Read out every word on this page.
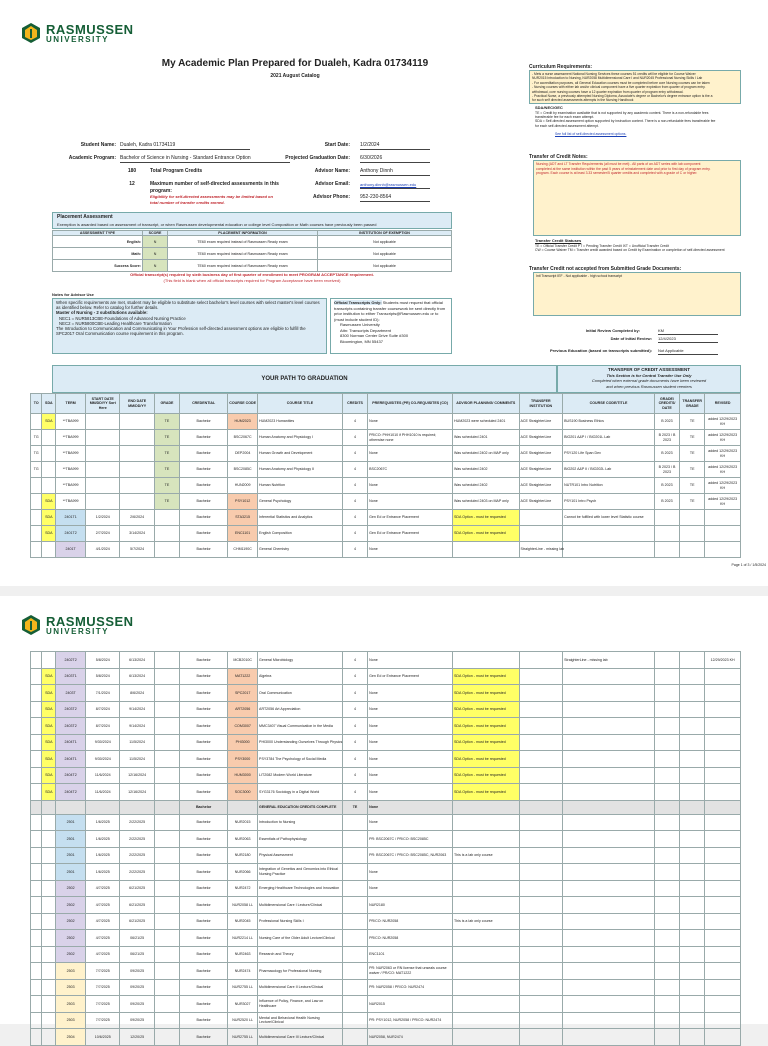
RASMUSSEN
UNIVERSITY
My Academic Plan Prepared for Dualeh, Kadra 01734119
2021 August Catalog
Student Name: Dualeh, Kadra 01734119
Academic Program: Bachelor of Science in Nursing - Standard Entrance Option
180	Total Program Credits
12	Maximum number of self-directed assessments in this program:
Eligibility for self-directed assessments may be limited based on total number of transfer credits earned.
Start Date: 1/2/2024
Projected Graduation Date: 6/30/2026
Advisor Name: Anthony Dinnh
Advisor Email:	anthony.dinnh@rasmussen.edu
Advisor Phone: 952-230-8564
Placement Assessment
Exemption is awarded based on assessment of transcript, or when Rasmussen developmental education or college level Composition or Math courses have previously been passed
ASSESSMENT TYPE	SCORE	PLACEMENT INFORMATION	INSTITUTION OF EXEMPTION
English:	N	TE60 exam required instead of Rasmussen Ready exam	Not applicable
Math:	N	TE60 exam required instead of Rasmussen Ready exam	Not applicable
Success Score:	N	TE60 exam required instead of Rasmussen Ready exam	Not applicable
Official transcript(s) required by sixth business day of first quarter of enrollment to meet PROGRAM ACCEPTANCE requirement.
(This field is blank when all official transcripts required for Program Acceptance have been received)
Notes for Advisor Use
When specific requirements are met, student may be eligible to substitute select bachelor's level courses with select master's level courses as identified below. Refer to catalog for further details.
Master of Nursing - 2 substitutions available:
NEC1 = NUR5813CBE-Foundations of Advanced Nursing Practice
NEC2 = NUR5800CBE-Leading Healthcare Transformation
The Introduction to Communication and Communicating in Your Profession self-directed assessment options are eligible to fulfill the SPC2017 Oral Communication course requirement in this program.
Official Transcripts Only: Students must request that official transcripts containing transfer coursework be sent directly from prior institution to either Transcripts@Rasmussen.edu or to (must include student ID):
Rasmussen University
Attn: Transcripts Department
8300 Norman Center Drive Suite #300
Bloomington, MN 55437
Curriculum Requirements:
- Mets a nurse assessment National Nursing Services these courses 51 credits will be eligible for Course Waiver
NUR2015 Introduction to Nursing, NUR2058 Multidimensional Care I and NUR2045 Professional Nursing Skills I Lab
- For accreditation purposes, all General Education courses must be completed before core Nursing courses can be taken
- Nursing courses with either lab and/or clinical component have a five quarter expiration from quarter of program entry.
withdrawal, core nursing courses have a 12 quarter expiration from quarter of program entry withdrawal.
- Practical Nurse, a previously attempted Nursing Diploma, Associate's degree or Bachelor's degree entrance option is the a
for such self directed assessments attempts in the Nursing Handbook
SDA/NEC/GEC
TE = Credit by examination available that is not supported by any academic content. There is a non-refundable fees
transferable fee for each exam attempt.
SDA = Self-directed assessment option supported by instruction content. There is a non-refundable fees transferable fee
for each self-directed assessment attempt.
See full list of self-directed assessment options.
Transfer of Credit Notes:
Nursing (ADT and LT Transfer Requirements (all must be met):- All parts of an ADT series with lab component
completed at the same institution within the past 5 years of reinstatement date and prior to first day of program entry.
program. Each course is at least 3.33 semester/5 quarter credits and completed with a grade of C or higher.
Transfer Credit Statuses
TE = Official Transfer Credit PT = Pending Transfer Credit IXT = Unofficial Transfer Credit
CW = Course Waiver TM = Transfer credit awarded based on Credit by Examination or completion of self-directed assessment
Transfer Credit not accepted from Submitted Grade Documents:
Intl Transcript IEF - Not applicable - high school transcript
Initial Review Completed by:	KM
Date of Initial Review: 12/4/2023
Previous Education (based on transcripts submitted): Not Applicable
YOUR PATH TO GRADUATION
TRANSFER OF CREDIT ASSESSMENT
This Section is for Central Transfer Use Only
Completed when external grade documents have been reviewed
and when previous Rasmussen student reenters
TO	SDA	TERM	START DATE MM/DD/YY Sort Here	END DATE MM/DD/YY	GRADE	CREDENTIAL	COURSE CODE	COURSE TITLE	CREDITS	PREREQUISITES (PR) CO-REQUISITES (CO)	ADVISOR PLANNING/ COMMENTS	TRANSFER INSTITUTION	COURSE CODE/TITLE	GRADE/ CREDITS/ DATE	TRANSFER GRADE	REVISED
	SDA	**TBA999			TE	Bachelor	HUM2023	HUM2023 Humanities	4	None	HUM2023 were scheduled 2401	ACE StraighterLine	BUS190 Business Ethics	B 2023	TE	added 12/29/2023 KH
TG		**TBA999			TE	Bachelor	BSC2067C	Human Anatomy and Physiology I	4	PR/CO: PHH1010 if PHH1010 is required; otherwise none	Was scheduled 2401	ACE StraighterLine	BIO201 A&P I / BIO201L Lab	B 2023 / B 2023	TE	added 12/29/2023 KH
TG		**TBA999			TE	Bachelor	DEP2004	Human Growth and Development	4	None	Was scheduled 2402 on MAP only	ACE StraighterLine	PSY120 Life Span Dev	B 2023	TE	added 12/29/2023 KH
TG		**TBA999			TE	Bachelor	BSC2085C	Human Anatomy and Physiology II	4	BSC2067C	Was scheduled 2402	ACE StraighterLine	BIO202 A&P II / BIO202L Lab	B 2023 / B 2023	TE	added 12/29/2023 KH
		**TBA999			TE	Bachelor	HUN2009	Human Nutrition	4	None	Was scheduled 2402	ACE StraighterLine	NUTR101 Intro Nutrition	B 2023	TE	added 12/29/2023 KH
	SDA	**TBA999			TE	Bachelor	PSY1012	General Psychology	4	None	Was scheduled 2403 on MAP only	ACE StraighterLine	PSY101 Intro Psych	B 2023	TE	added 12/29/2023 KH
	SDA	2401T1	1/2/2024	2/6/2024		Bachelor	STA3215	Inferential Statistics and Analytics	4	Gen Ed or Entrance Placement	SDA Option - must be requested		Cannot be fulfilled with lower level Statistic course			
	SDA	2401T2	2/7/2024	3/14/2024		Bachelor	ENC1101	English Composition	4	Gen Ed or Entrance Placement	SDA Option - must be requested					
		2401T	4/1/2024	5/7/2024		Bachelor	CHM1190C	General Chemistry	4	None		StraighterLine - missing lab				
Page 1 of 3 / 1/5/2024
RASMUSSEN
UNIVERSITY
		2402T2	5/8/2024	6/13/2024		Bachelor	MCB2010C	General Microbiology	4	None			StraighterLine - missing lab			12/29/2023 KH
	SDA	2403T1	5/8/2024	6/13/2024		Bachelor	MAT1222	Algebra	4	Gen Ed or Entrance Placement	SDA Option - must be requested					
	SDA	2403T	7/1/2024	8/6/2024		Bachelor	SPC2017	Oral Communication	4	None	SDA Option - must be requested					
	SDA	2403T2	8/7/2024	9/14/2024		Bachelor	ART2056	ART2056 Art Appreciation	4	None	SDA Option - must be requested					
	SDA	2403T2	8/7/2024	9/14/2024		Bachelor	COM3007	MMC3407 Visual Communication in the Media	4	None	SDA Option - must be requested					
	SDA	2404T1	9/30/2024	11/5/2024		Bachelor	PHI3000	PHI3000 Understanding Ourselves Through Physics	4	None	SDA Option - must be requested					
	SDA	2404T1	9/30/2024	11/5/2024		Bachelor	PSY3000	PSY3784 The Psychology of Social Media	4	None	SDA Option - must be requested					
	SDA	2404T2	11/6/2024	12/16/2024		Bachelor	HUM3000	LIT2082 Modern World Literature	4	None	SDA Option - must be requested					
	SDA	2404T2	11/6/2024	12/16/2024		Bachelor	SOC3000	SYG3176 Sociology in a Digital World	4	None	SDA Option - must be requested					
						Bachelor		GENERAL EDUCATION CREDITS COMPLETE	TE	None						
		2501	1/6/2025	2/22/2025		Bachelor	NUR2015	Introduction to Nursing		None						
		2501	1/6/2025	2/22/2025		Bachelor	NUR2063	Essentials of Pathophysiology		PR: BSC2067C / PR/CO: BSC2085C						
		2501	1/6/2025	2/22/2025		Bachelor	NUR2180	Physical Assessment		PR: BSC2067C / PR/CO: BSC2085C, NUR2063	This is a lab only course					
		2501	1/6/2025	2/22/2025		Bachelor	NUR2066	Integration of Genetics and Genomics into Ethical Nursing Practice		None						
		2502	4/7/2025	6/21/2025		Bachelor	NUR2472	Emerging Healthcare Technologies and Innovation		None						
		2502	4/7/2025	6/21/2025		Bachelor	NUR2058 LL	Multidimensional Care I Lecture/Clinical		NUR2180						
		2502	4/7/2025	6/21/2025		Bachelor	NUR2045	Professional Nursing Skills I		PR/CO: NUR2058	This is a lab only course					
		2502	4/7/2025	06/21/25		Bachelor	NUR2214 LL	Nursing Care of the Older Adult Lecture/Clinical		PR/CO: NUR2058						
		2502	4/7/2025	06/21/25		Bachelor	NUR2463	Research and Theory		ENC1101						
		2503	7/7/2025	09/20/25		Bachelor	NUR2474	Pharmacology for Professional Nursing		PR: NUR2063 or RN license that unseals course waiver / PR/CO: MAT1222						
		2503	7/7/2025	09/20/25		Bachelor	NUR2755 LL	Multidimensional Care II Lecture/Clinical		PR: NUR2058 / PR/CO: NUR2474						
		2503	7/7/2025	09/20/25		Bachelor	NUR3027	Influence of Policy, Finance, and Law on Healthcare		NUR2015						
		2503	7/7/2025	09/20/25		Bachelor	NUR2520 LL	Mental and Behavioral Health Nursing Lecture/Clinical		PR: PSY1012, NUR2058 / PR/CO: NUR2474						
		2504	10/6/2025	12/20/25		Bachelor	NUR2755 LL	Multidimensional Care III Lecture/Clinical		NUR2058, NUR2474						
